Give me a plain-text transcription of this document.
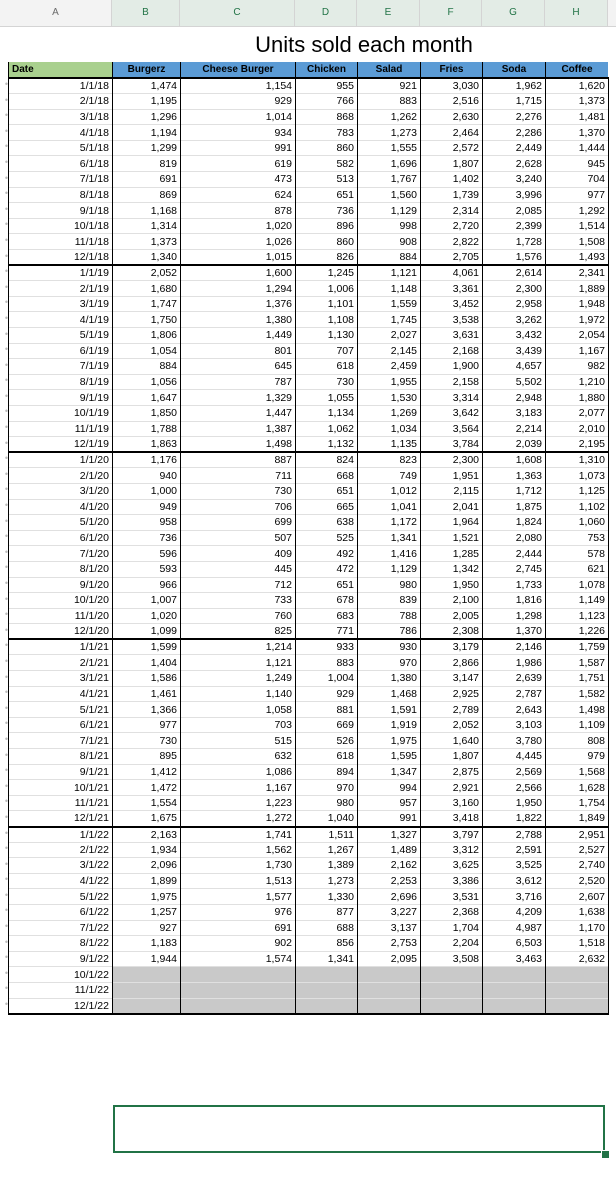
A	B	C	D	E	F	G	H
Units sold each month
Date	Burgerz	Cheese Burger	Chicken	Salad	Fries	Soda	Coffee
1/1/18	1,474	1,154	955	921	3,030	1,962	1,620
2/1/18	1,195	929	766	883	2,516	1,715	1,373
3/1/18	1,296	1,014	868	1,262	2,630	2,276	1,481
4/1/18	1,194	934	783	1,273	2,464	2,286	1,370
5/1/18	1,299	991	860	1,555	2,572	2,449	1,444
6/1/18	819	619	582	1,696	1,807	2,628	945
7/1/18	691	473	513	1,767	1,402	3,240	704
8/1/18	869	624	651	1,560	1,739	3,996	977
9/1/18	1,168	878	736	1,129	2,314	2,085	1,292
10/1/18	1,314	1,020	896	998	2,720	2,399	1,514
11/1/18	1,373	1,026	860	908	2,822	1,728	1,508
12/1/18	1,340	1,015	826	884	2,705	1,576	1,493
1/1/19	2,052	1,600	1,245	1,121	4,061	2,614	2,341
2/1/19	1,680	1,294	1,006	1,148	3,361	2,300	1,889
3/1/19	1,747	1,376	1,101	1,559	3,452	2,958	1,948
4/1/19	1,750	1,380	1,108	1,745	3,538	3,262	1,972
5/1/19	1,806	1,449	1,130	2,027	3,631	3,432	2,054
6/1/19	1,054	801	707	2,145	2,168	3,439	1,167
7/1/19	884	645	618	2,459	1,900	4,657	982
8/1/19	1,056	787	730	1,955	2,158	5,502	1,210
9/1/19	1,647	1,329	1,055	1,530	3,314	2,948	1,880
10/1/19	1,850	1,447	1,134	1,269	3,642	3,183	2,077
11/1/19	1,788	1,387	1,062	1,034	3,564	2,214	2,010
12/1/19	1,863	1,498	1,132	1,135	3,784	2,039	2,195
1/1/20	1,176	887	824	823	2,300	1,608	1,310
2/1/20	940	711	668	749	1,951	1,363	1,073
3/1/20	1,000	730	651	1,012	2,115	1,712	1,125
4/1/20	949	706	665	1,041	2,041	1,875	1,102
5/1/20	958	699	638	1,172	1,964	1,824	1,060
6/1/20	736	507	525	1,341	1,521	2,080	753
7/1/20	596	409	492	1,416	1,285	2,444	578
8/1/20	593	445	472	1,129	1,342	2,745	621
9/1/20	966	712	651	980	1,950	1,733	1,078
10/1/20	1,007	733	678	839	2,100	1,816	1,149
11/1/20	1,020	760	683	788	2,005	1,298	1,123
12/1/20	1,099	825	771	786	2,308	1,370	1,226
1/1/21	1,599	1,214	933	930	3,179	2,146	1,759
2/1/21	1,404	1,121	883	970	2,866	1,986	1,587
3/1/21	1,586	1,249	1,004	1,380	3,147	2,639	1,751
4/1/21	1,461	1,140	929	1,468	2,925	2,787	1,582
5/1/21	1,366	1,058	881	1,591	2,789	2,643	1,498
6/1/21	977	703	669	1,919	2,052	3,103	1,109
7/1/21	730	515	526	1,975	1,640	3,780	808
8/1/21	895	632	618	1,595	1,807	4,445	979
9/1/21	1,412	1,086	894	1,347	2,875	2,569	1,568
10/1/21	1,472	1,167	970	994	2,921	2,566	1,628
11/1/21	1,554	1,223	980	957	3,160	1,950	1,754
12/1/21	1,675	1,272	1,040	991	3,418	1,822	1,849
1/1/22	2,163	1,741	1,511	1,327	3,797	2,788	2,951
2/1/22	1,934	1,562	1,267	1,489	3,312	2,591	2,527
3/1/22	2,096	1,730	1,389	2,162	3,625	3,525	2,740
4/1/22	1,899	1,513	1,273	2,253	3,386	3,612	2,520
5/1/22	1,975	1,577	1,330	2,696	3,531	3,716	2,607
6/1/22	1,257	976	877	3,227	2,368	4,209	1,638
7/1/22	927	691	688	3,137	1,704	4,987	1,170
8/1/22	1,183	902	856	2,753	2,204	6,503	1,518
9/1/22	1,944	1,574	1,341	2,095	3,508	3,463	2,632
10/1/22							
11/1/22							
12/1/22							
•
•
•
•
•
•
•
•
•
•
•
•
•
•
•
•
•
•
•
•
•
•
•
•
•
•
•
•
•
•
•
•
•
•
•
•
•
•
•
•
•
•
•
•
•
•
•
•
•
•
•
•
•
•
•
•
•
•
•
•
